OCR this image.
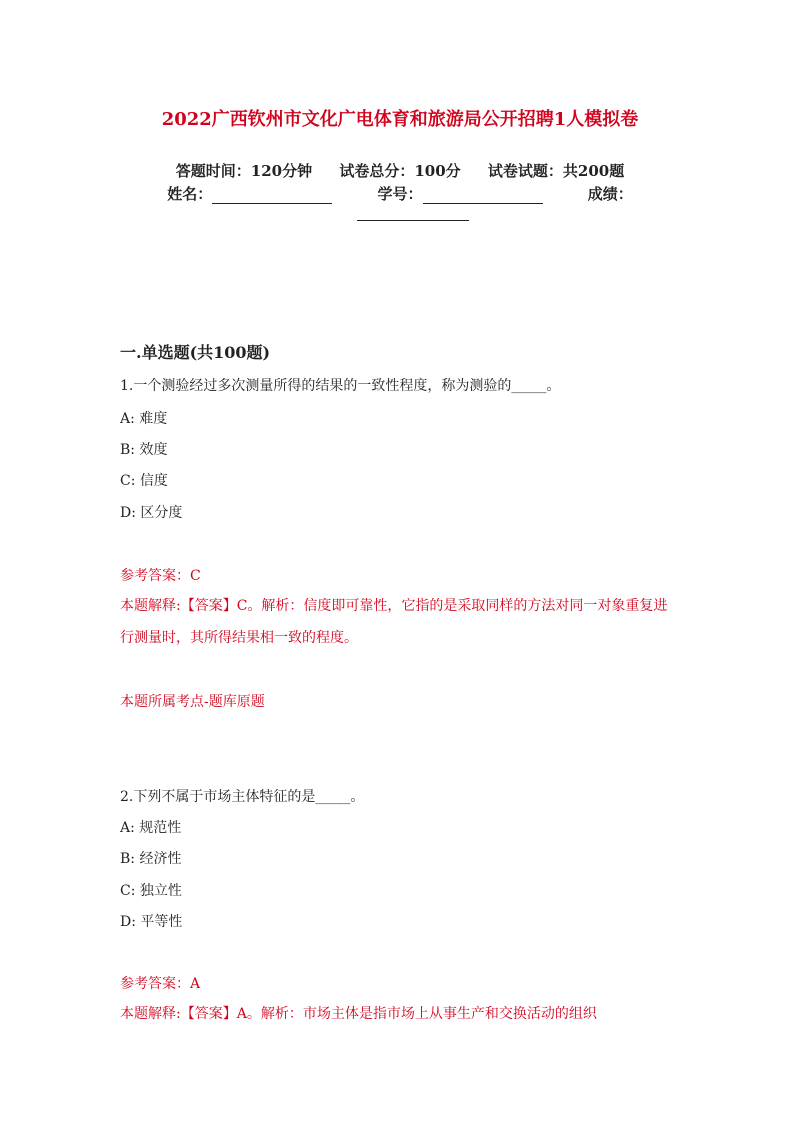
2022广西钦州市文化广电体育和旅游局公开招聘1人模拟卷
答题时间：120分钟 试卷总分：100分 试卷试题：共200题
姓名：	学号：	成绩：
一.单选题(共100题)
1.一个测验经过多次测量所得的结果的一致性程度，称为测验的_____。
A: 难度
B: 效度
C: 信度
D: 区分度
参考答案：C
本题解释:【答案】C。解析：信度即可靠性，它指的是采取同样的方法对同一对象重复进行测量时，其所得结果相一致的程度。
本题所属考点-题库原题
2.下列不属于市场主体特征的是_____。
A: 规范性
B: 经济性
C: 独立性
D: 平等性
参考答案：A
本题解释:【答案】A。解析：市场主体是指市场上从事生产和交换活动的组织
